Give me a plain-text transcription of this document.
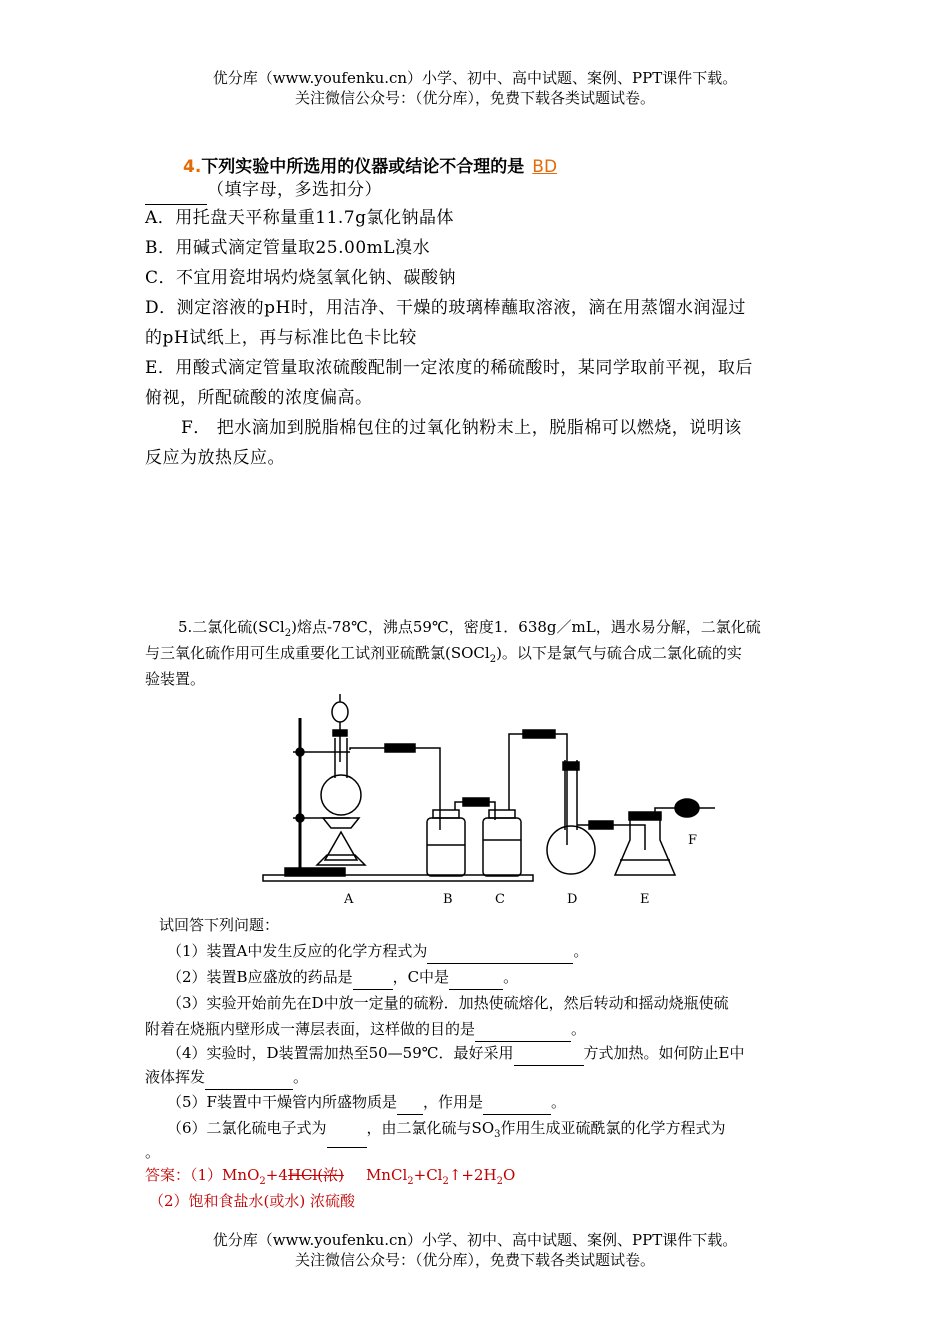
优分库（www.youfenku.cn）小学、初中、高中试题、案例、PPT课件下载。
关注微信公众号：（优分库），免费下载各类试题试卷。
4.下列实验中所选用的仪器或结论不合理的是 BD
（填字母，多选扣分）
A．用托盘天平称量重11.7g氯化钠晶体
B．用碱式滴定管量取25.00mL溴水
C．不宜用瓷坩埚灼烧氢氧化钠、碳酸钠
D．测定溶液的pH时，用洁净、干燥的玻璃棒蘸取溶液，滴在用蒸馏水润湿过
的pH试纸上，再与标准比色卡比较
E．用酸式滴定管量取浓硫酸配制一定浓度的稀硫酸时，某同学取前平视，取后
俯视，所配硫酸的浓度偏高。
F． 把水滴加到脱脂棉包住的过氧化钠粉末上，脱脂棉可以燃烧，说明该
反应为放热反应。
5.二氯化硫(SCl$_2$)熔点-78℃，沸点59℃，密度1．638g／mL，遇水易分解，二氯化硫
与三氧化硫作用可生成重要化工试剂亚硫酰氯(SOCl$_2$)。以下是氯气与硫合成二氯化硫的实
验装置。
A	B	C	D	E
F
试回答下列问题：
（1）装置A中发生反应的化学方程式为	。
（2）装置B应盛放的药品是	，C中是	。
（3）实验开始前先在D中放一定量的硫粉．加热使硫熔化，然后转动和摇动烧瓶使硫
附着在烧瓶内壁形成一薄层表面，这样做的目的是	。
（4）实验时，D装置需加热至50—59℃．最好采用	方式加热。如何防止E中
液体挥发	。
（5）F装置中干燥管内所盛物质是 ，作用是	。
（6）二氯化硫电子式为	，由二氯化硫与$SO_3$作用生成亚硫酰氯的化学方程式为
。
答案：（1）MnO$_2$+4HCl(浓) $MnCl_2+Cl_2↑+2H_2O$
（2）饱和食盐水(或水) 浓硫酸
优分库（www.youfenku.cn）小学、初中、高中试题、案例、PPT课件下载。
关注微信公众号：（优分库），免费下载各类试题试卷。
